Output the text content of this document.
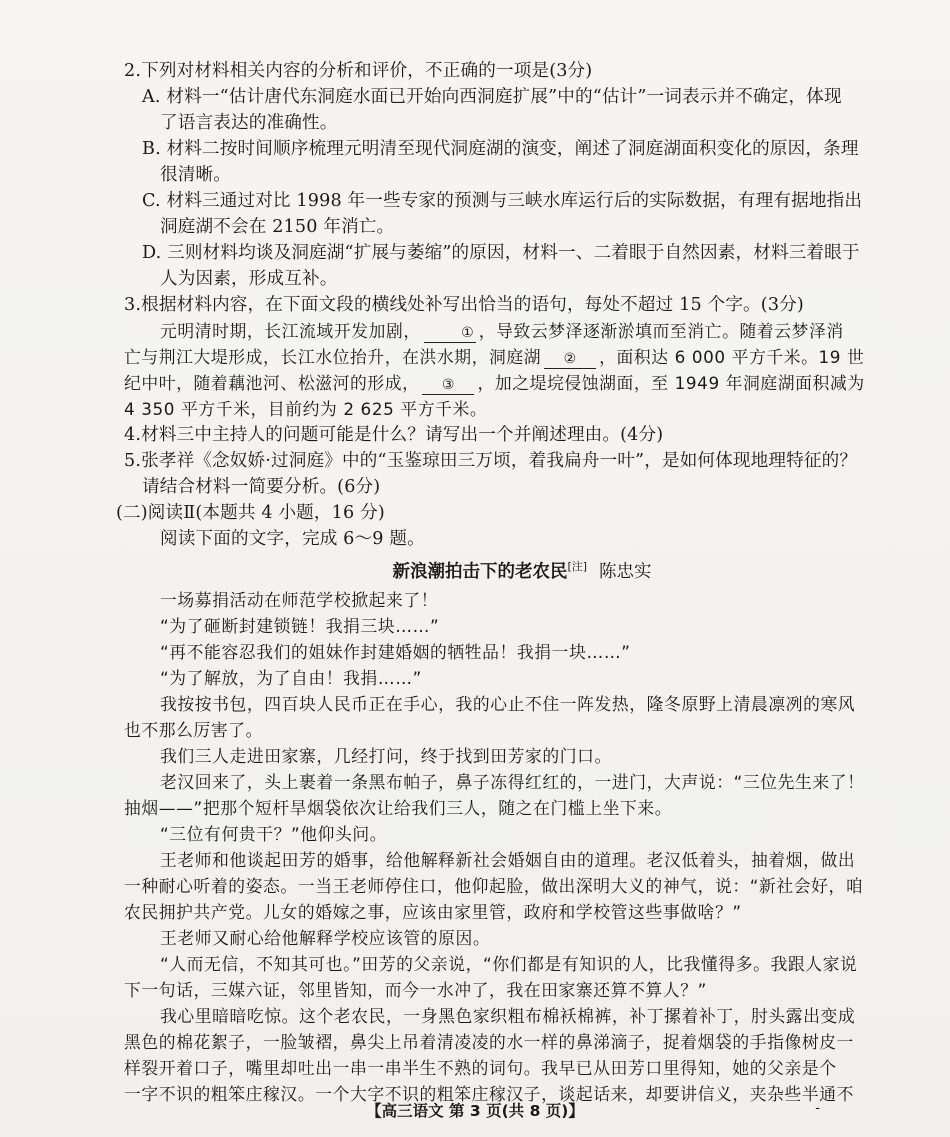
2.下列对材料相关内容的分析和评价，不正确的一项是(3分)
A. 材料一“估计唐代东洞庭水面已开始向西洞庭扩展”中的“估计”一词表示并不确定，体现
了语言表达的准确性。
B. 材料二按时间顺序梳理元明清至现代洞庭湖的演变，阐述了洞庭湖面积变化的原因，条理
很清晰。
C. 材料三通过对比 1998 年一些专家的预测与三峡水库运行后的实际数据，有理有据地指出
洞庭湖不会在 2150 年消亡。
D. 三则材料均谈及洞庭湖“扩展与萎缩”的原因，材料一、二着眼于自然因素，材料三着眼于
人为因素，形成互补。
3.根据材料内容，在下面文段的横线处补写出恰当的语句，每处不超过 15 个字。(3分)
元明清时期，长江流域开发加剧，	① ，导致云梦泽逐渐淤填而至消亡。随着云梦泽消
亡与荆江大堤形成，长江水位抬升，在洪水期，洞庭湖 ② ，面积达 6 000 平方千米。19 世
纪中叶，随着藕池河、松滋河的形成， ③ ，加之堤垸侵蚀湖面，至 1949 年洞庭湖面积减为
4 350 平方千米，目前约为 2 625 平方千米。
4.材料三中主持人的问题可能是什么？请写出一个并阐述理由。(4分)
5.张孝祥《念奴娇·过洞庭》中的“玉鉴琼田三万顷，着我扁舟一叶”，是如何体现地理特征的？
请结合材料一简要分析。(6分)
(二)阅读Ⅱ(本题共 4 小题，16 分)
阅读下面的文字，完成 6～9 题。
新浪潮拍击下的老农民[注] 陈忠实
一场募捐活动在师范学校掀起来了！
“为了砸断封建锁链！我捐三块……”
“再不能容忍我们的姐妹作封建婚姻的牺牲品！我捐一块……”
“为了解放，为了自由！我捐……”
我按按书包，四百块人民币正在手心，我的心止不住一阵发热，隆冬原野上清晨凛冽的寒风
也不那么厉害了。
我们三人走进田家寨，几经打问，终于找到田芳家的门口。
老汉回来了，头上裹着一条黑布帕子，鼻子冻得红红的，一进门，大声说：“三位先生来了！
抽烟——”把那个短杆旱烟袋依次让给我们三人，随之在门槛上坐下来。
“三位有何贵干？”他仰头问。
王老师和他谈起田芳的婚事，给他解释新社会婚姻自由的道理。老汉低着头，抽着烟，做出
一种耐心听着的姿态。一当王老师停住口，他仰起脸，做出深明大义的神气，说：“新社会好，咱
农民拥护共产党。儿女的婚嫁之事，应该由家里管，政府和学校管这些事做啥？”
王老师又耐心给他解释学校应该管的原因。
“人而无信，不知其可也。”田芳的父亲说，“你们都是有知识的人，比我懂得多。我跟人家说
下一句话，三媒六证，邻里皆知，而今一水冲了，我在田家寨还算不算人？”
我心里暗暗吃惊。这个老农民，一身黑色家织粗布棉袄棉裤，补丁摞着补丁，肘头露出变成
黑色的棉花絮子，一脸皱褶，鼻尖上吊着清凌凌的水一样的鼻涕滴子，捉着烟袋的手指像树皮一
样裂开着口子，嘴里却吐出一串一串半生不熟的词句。我早已从田芳口里得知，她的父亲是个
一字不识的粗笨庄稼汉。一个大字不识的粗笨庄稼汉子，谈起话来，却要讲信义，夹杂些半通不
【高三语文 第 3 页(共 8 页)】	-
